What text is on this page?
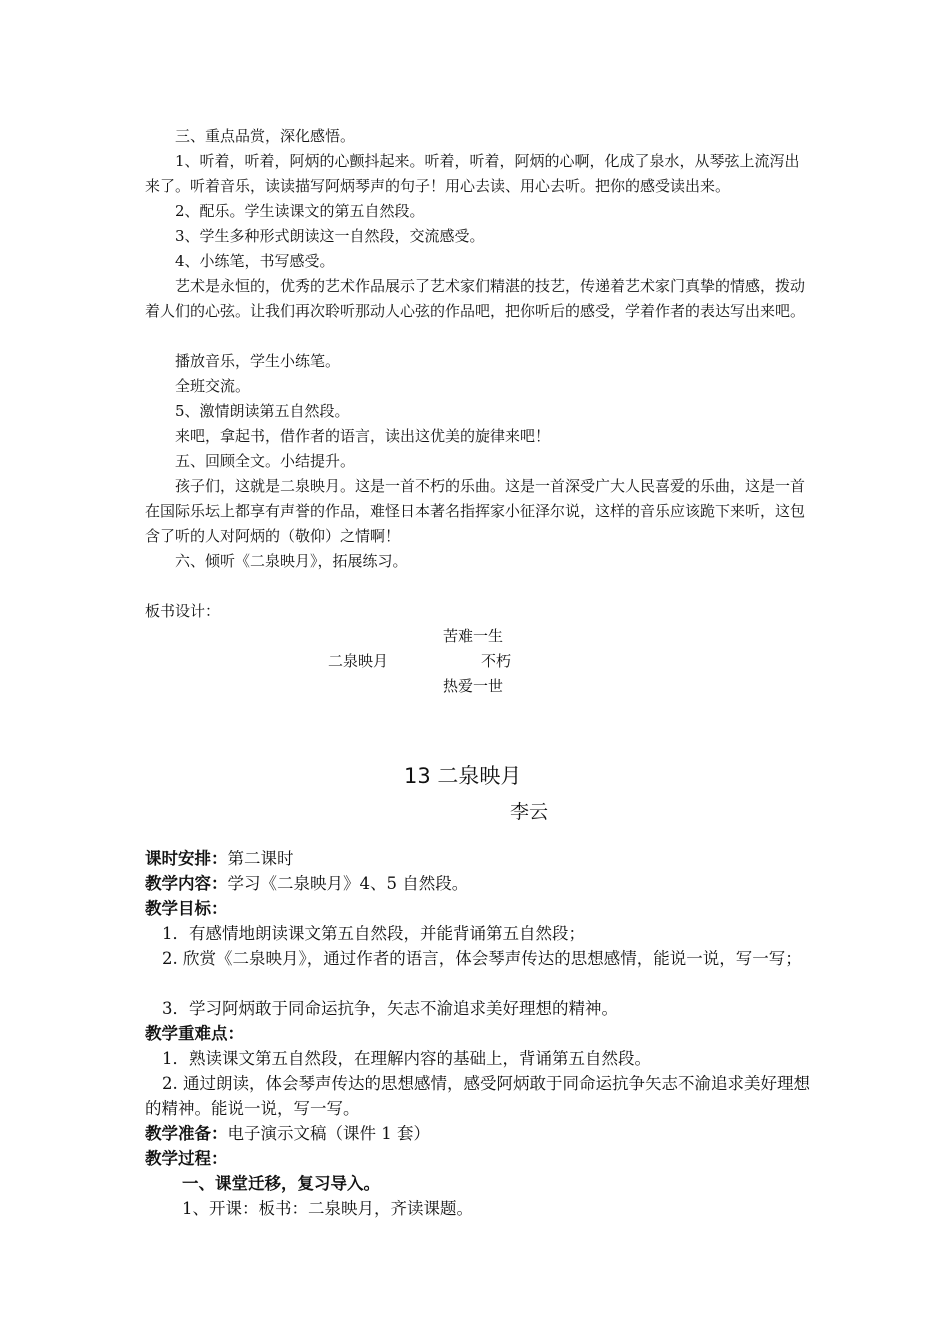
三、重点品赏，深化感悟。

1、听着，听着，阿炳的心颤抖起来。听着，听着，阿炳的心啊，化成了泉水，从琴弦上流泻出来了。听着音乐，读读描写阿炳琴声的句子！用心去读、用心去听。把你的感受读出来。

2、配乐。学生读课文的第五自然段。

3、学生多种形式朗读这一自然段，交流感受。

4、小练笔，书写感受。

艺术是永恒的，优秀的艺术作品展示了艺术家们精湛的技艺，传递着艺术家门真挚的情感，拨动着人们的心弦。让我们再次聆听那动人心弦的作品吧，把你听后的感受，学着作者的表达写出来吧。

播放音乐，学生小练笔。

全班交流。

5、激情朗读第五自然段。

来吧，拿起书，借作者的语言，读出这优美的旋律来吧！

五、回顾全文。小结提升。

孩子们，这就是二泉映月。这是一首不朽的乐曲。这是一首深受广大人民喜爱的乐曲，这是一首在国际乐坛上都享有声誉的作品，难怪日本著名指挥家小征泽尔说，这样的音乐应该跪下来听，这包含了听的人对阿炳的（敬仰）之情啊！

六、倾听《二泉映月》，拓展练习。

板书设计：
苦难一生
二泉映月	不朽
热爱一世
13 二泉映月
李云
课时安排：第二课时
教学内容：学习《二泉映月》4、5 自然段。
教学目标：

1．有感情地朗读课文第五自然段，并能背诵第五自然段；

2. 欣赏《二泉映月》，通过作者的语言，体会琴声传达的思想感情，能说一说，写一写；

3．学习阿炳敢于同命运抗争，矢志不渝追求美好理想的精神。

教学重难点：

1．熟读课文第五自然段，在理解内容的基础上，背诵第五自然段。

2. 通过朗读，体会琴声传达的思想感情，感受阿炳敢于同命运抗争矢志不渝追求美好理想的精神。能说一说，写一写。

教学准备：电子演示文稿（课件 1 套）
教学过程：

一、课堂迁移，复习导入。

1、开课：板书：二泉映月，齐读课题。
